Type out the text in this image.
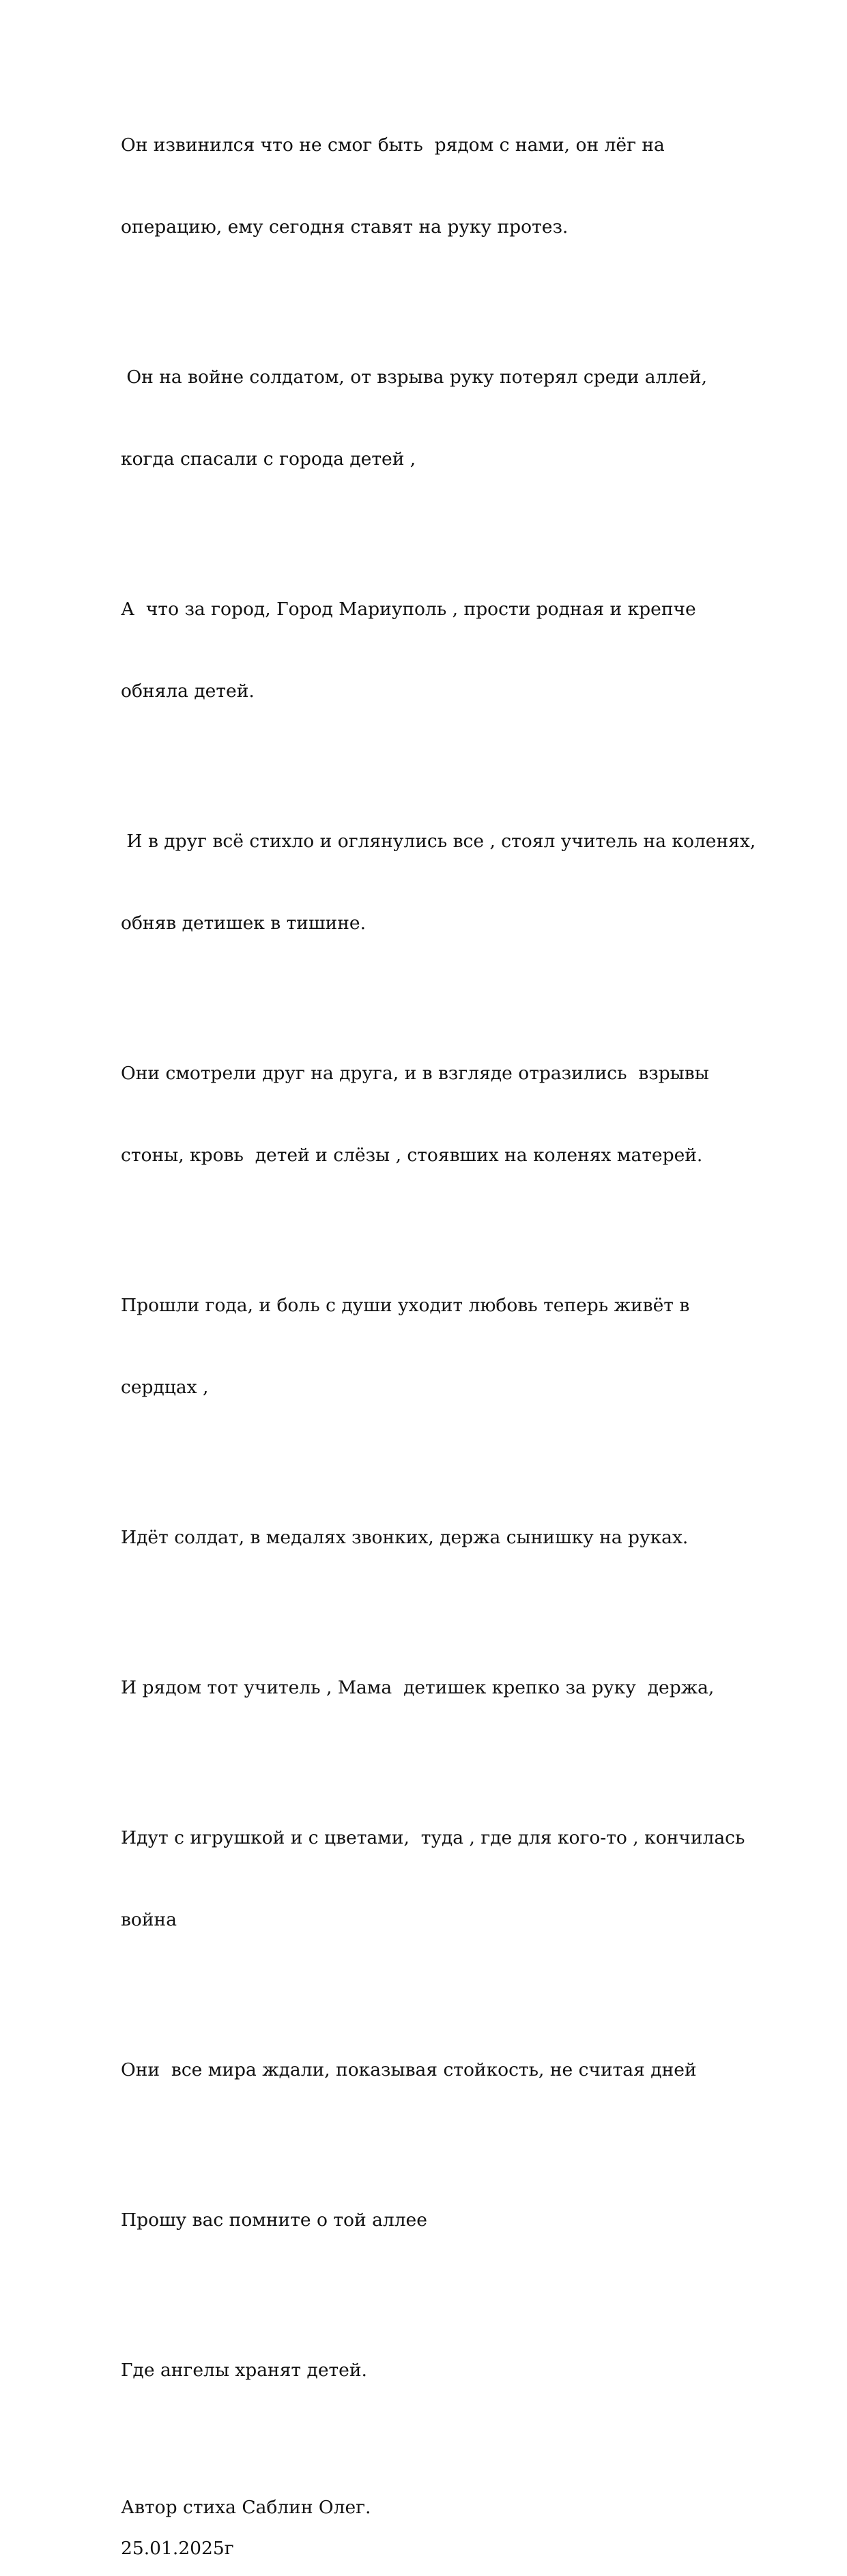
Он извинился что не смог быть  рядом с нами, он лёг на

операцию, ему сегодня ставят на руку протез.

Он на войне солдатом, от взрыва руку потерял среди аллей,

когда спасали с города детей ,

А  что за город, Город Мариуполь , прости родная и крепче

обняла детей.

И в друг всё стихло и оглянулись все , стоял учитель на коленях,

обняв детишек в тишине.

Они смотрели друг на друга, и в взгляде отразились  взрывы

стоны, кровь  детей и слёзы , стоявших на коленях матерей.

Прошли года, и боль с души уходит любовь теперь живёт в

сердцах ,

Идёт солдат, в медалях звонких, держа сынишку на руках.

И рядом тот учитель , Мама  детишек крепко за руку  держа,

Идут с игрушкой и с цветами,  туда , где для кого-то , кончилась

война

Они  все мира ждали, показывая стойкость, не считая дней

Прошу вас помните о той аллее

Где ангелы хранят детей.

Автор стиха Саблин Олег.
25.01.2025г
